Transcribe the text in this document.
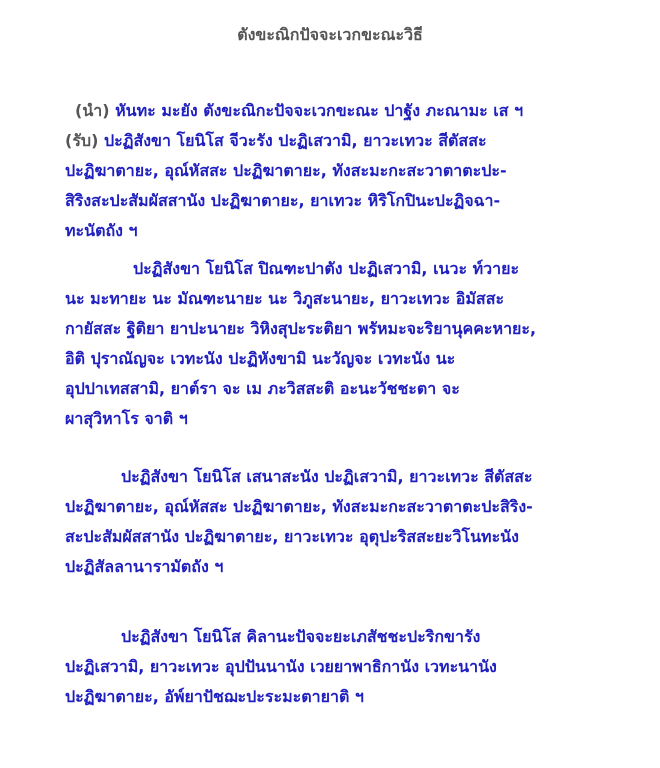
ตังขะณิกปัจจะเวกขะณะวิธี
(นำ) หันทะ มะยัง ตังขะณิกะปัจจะเวกขะณะ ปาฐัง ภะณามะ เส ฯ
(รับ) ปะฏิสังขา โยนิโส จีวะรัง ปะฏิเสวามิ, ยาวะเทวะ สีตัสสะ
ปะฏิฆาตายะ, อุณ์หัสสะ ปะฏิฆาตายะ, ทังสะมะกะสะวาตาตะปะ-
สิริงสะปะสัมผัสสานัง ปะฏิฆาตายะ, ยาเทวะ หิริโกปินะปะฏิจฉา-
ทะนัตถัง ฯ
ปะฏิสังขา โยนิโส ปิณฑะปาตัง ปะฏิเสวามิ, เนวะ ท์วายะ
นะ มะทายะ นะ มัณฑะนายะ นะ วิภูสะนายะ, ยาวะเทวะ อิมัสสะ
กายัสสะ ฐิติยา ยาปะนายะ วิหิงสุปะระติยา พรัหมะจะริยานุคคะหายะ,
อิติ ปุราณัญจะ เวทะนัง ปะฏิหังขามิ นะวัญจะ เวทะนัง นะ
อุปปาเทสสามิ, ยาต์รา จะ เม ภะวิสสะติ อะนะวัชชะตา จะ
ผาสุวิหาโร จาติ ฯ
ปะฏิสังขา โยนิโส เสนาสะนัง ปะฏิเสวามิ, ยาวะเทวะ สีตัสสะ
ปะฏิฆาตายะ, อุณ์หัสสะ ปะฏิฆาตายะ, ทังสะมะกะสะวาตาตะปะสิริง-
สะปะสัมผัสสานัง ปะฏิฆาตายะ, ยาวะเทวะ อุตุปะริสสะยะวิโนทะนัง
ปะฏิสัลลานารามัตถัง ฯ
ปะฏิสังขา โยนิโส คิลานะปัจจะยะเภสัชชะปะริกขารัง
ปะฏิเสวามิ, ยาวะเทวะ อุปปันนานัง เวยยาพาธิกานัง เวทะนานัง
ปะฏิฆาตายะ, อัพ์ยาปัชฌะปะระมะตายาติ ฯ
